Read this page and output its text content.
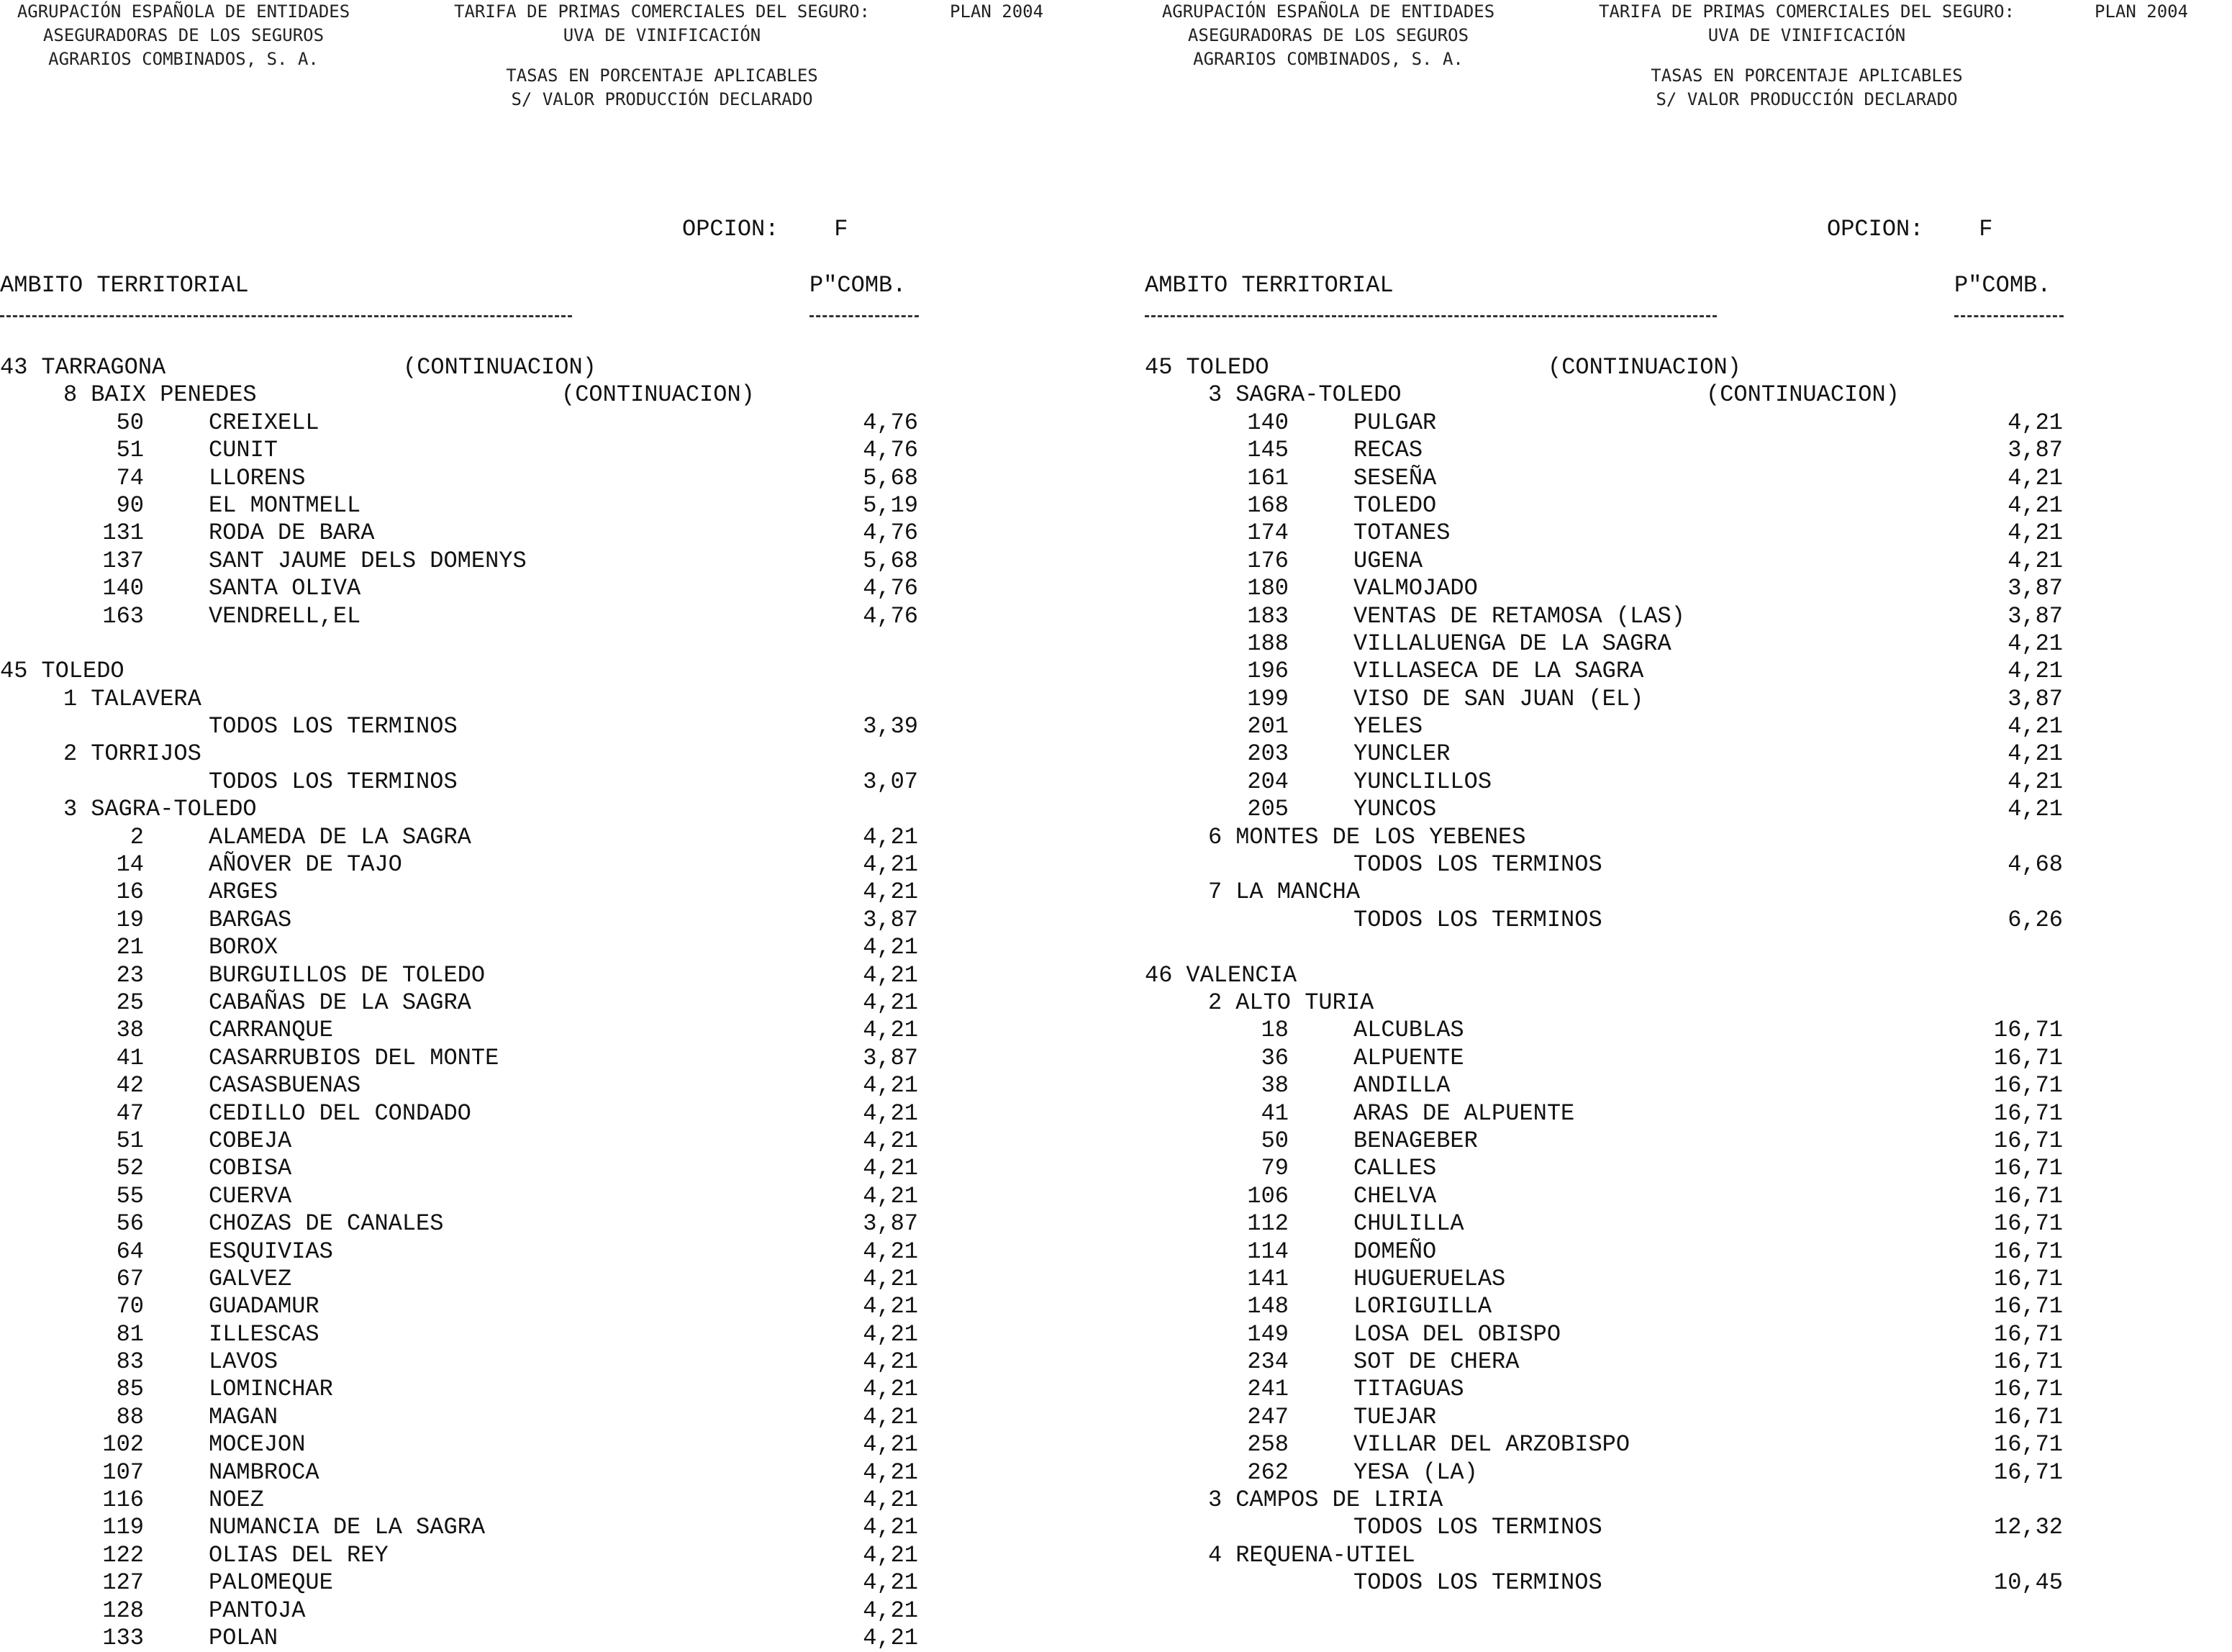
AGRUPACIÓN ESPAÑOLA DE ENTIDADES
ASEGURADORAS DE LOS SEGUROS
AGRARIOS COMBINADOS, S. A.
TARIFA DE PRIMAS COMERCIALES DEL SEGURO:
UVA DE VINIFICACIÓN
PLAN 2004
TASAS EN PORCENTAJE APLICABLES
S/ VALOR PRODUCCIÓN DECLARADO
OPCION: F
AMBITO TERRITORIAL	P"COMB.
43 TARRAGONA	(CONTINUACION)
8 BAIX PENEDES	(CONTINUACION)
50	CREIXELL	4,76
51	CUNIT	4,76
74	LLORENS	5,68
90	EL MONTMELL	5,19
131	RODA DE BARA	4,76
137	SANT JAUME DELS DOMENYS	5,68
140	SANTA OLIVA	4,76
163	VENDRELL,EL	4,76
45 TOLEDO
1 TALAVERA
TODOS LOS TERMINOS	3,39
2 TORRIJOS
TODOS LOS TERMINOS	3,07
3 SAGRA-TOLEDO
2	ALAMEDA DE LA SAGRA	4,21
14	AÑOVER DE TAJO	4,21
16	ARGES	4,21
19	BARGAS	3,87
21	BOROX	4,21
23	BURGUILLOS DE TOLEDO	4,21
25	CABAÑAS DE LA SAGRA	4,21
38	CARRANQUE	4,21
41	CASARRUBIOS DEL MONTE	3,87
42	CASASBUENAS	4,21
47	CEDILLO DEL CONDADO	4,21
51	COBEJA	4,21
52	COBISA	4,21
55	CUERVA	4,21
56	CHOZAS DE CANALES	3,87
64	ESQUIVIAS	4,21
67	GALVEZ	4,21
70	GUADAMUR	4,21
81	ILLESCAS	4,21
83	LAVOS	4,21
85	LOMINCHAR	4,21
88	MAGAN	4,21
102	MOCEJON	4,21
107	NAMBROCA	4,21
116	NOEZ	4,21
119	NUMANCIA DE LA SAGRA	4,21
122	OLIAS DEL REY	4,21
127	PALOMEQUE	4,21
128	PANTOJA	4,21
133	POLAN	4,21
AGRUPACIÓN ESPAÑOLA DE ENTIDADES
ASEGURADORAS DE LOS SEGUROS
AGRARIOS COMBINADOS, S. A.
TARIFA DE PRIMAS COMERCIALES DEL SEGURO:
UVA DE VINIFICACIÓN
PLAN 2004
TASAS EN PORCENTAJE APLICABLES
S/ VALOR PRODUCCIÓN DECLARADO
OPCION: F
AMBITO TERRITORIAL	P"COMB.
45 TOLEDO	(CONTINUACION)
3 SAGRA-TOLEDO	(CONTINUACION)
140	PULGAR	4,21
145	RECAS	3,87
161	SESEÑA	4,21
168	TOLEDO	4,21
174	TOTANES	4,21
176	UGENA	4,21
180	VALMOJADO	3,87
183	VENTAS DE RETAMOSA (LAS)	3,87
188	VILLALUENGA DE LA SAGRA	4,21
196	VILLASECA DE LA SAGRA	4,21
199	VISO DE SAN JUAN (EL)	3,87
201	YELES	4,21
203	YUNCLER	4,21
204	YUNCLILLOS	4,21
205	YUNCOS	4,21
6 MONTES DE LOS YEBENES
TODOS LOS TERMINOS	4,68
7 LA MANCHA
TODOS LOS TERMINOS	6,26
46 VALENCIA
2 ALTO TURIA
18	ALCUBLAS	16,71
36	ALPUENTE	16,71
38	ANDILLA	16,71
41	ARAS DE ALPUENTE	16,71
50	BENAGEBER	16,71
79	CALLES	16,71
106	CHELVA	16,71
112	CHULILLA	16,71
114	DOMEÑO	16,71
141	HUGUERUELAS	16,71
148	LORIGUILLA	16,71
149	LOSA DEL OBISPO	16,71
234	SOT DE CHERA	16,71
241	TITAGUAS	16,71
247	TUEJAR	16,71
258	VILLAR DEL ARZOBISPO	16,71
262	YESA (LA)	16,71
3 CAMPOS DE LIRIA
TODOS LOS TERMINOS	12,32
4 REQUENA-UTIEL
TODOS LOS TERMINOS	10,45
